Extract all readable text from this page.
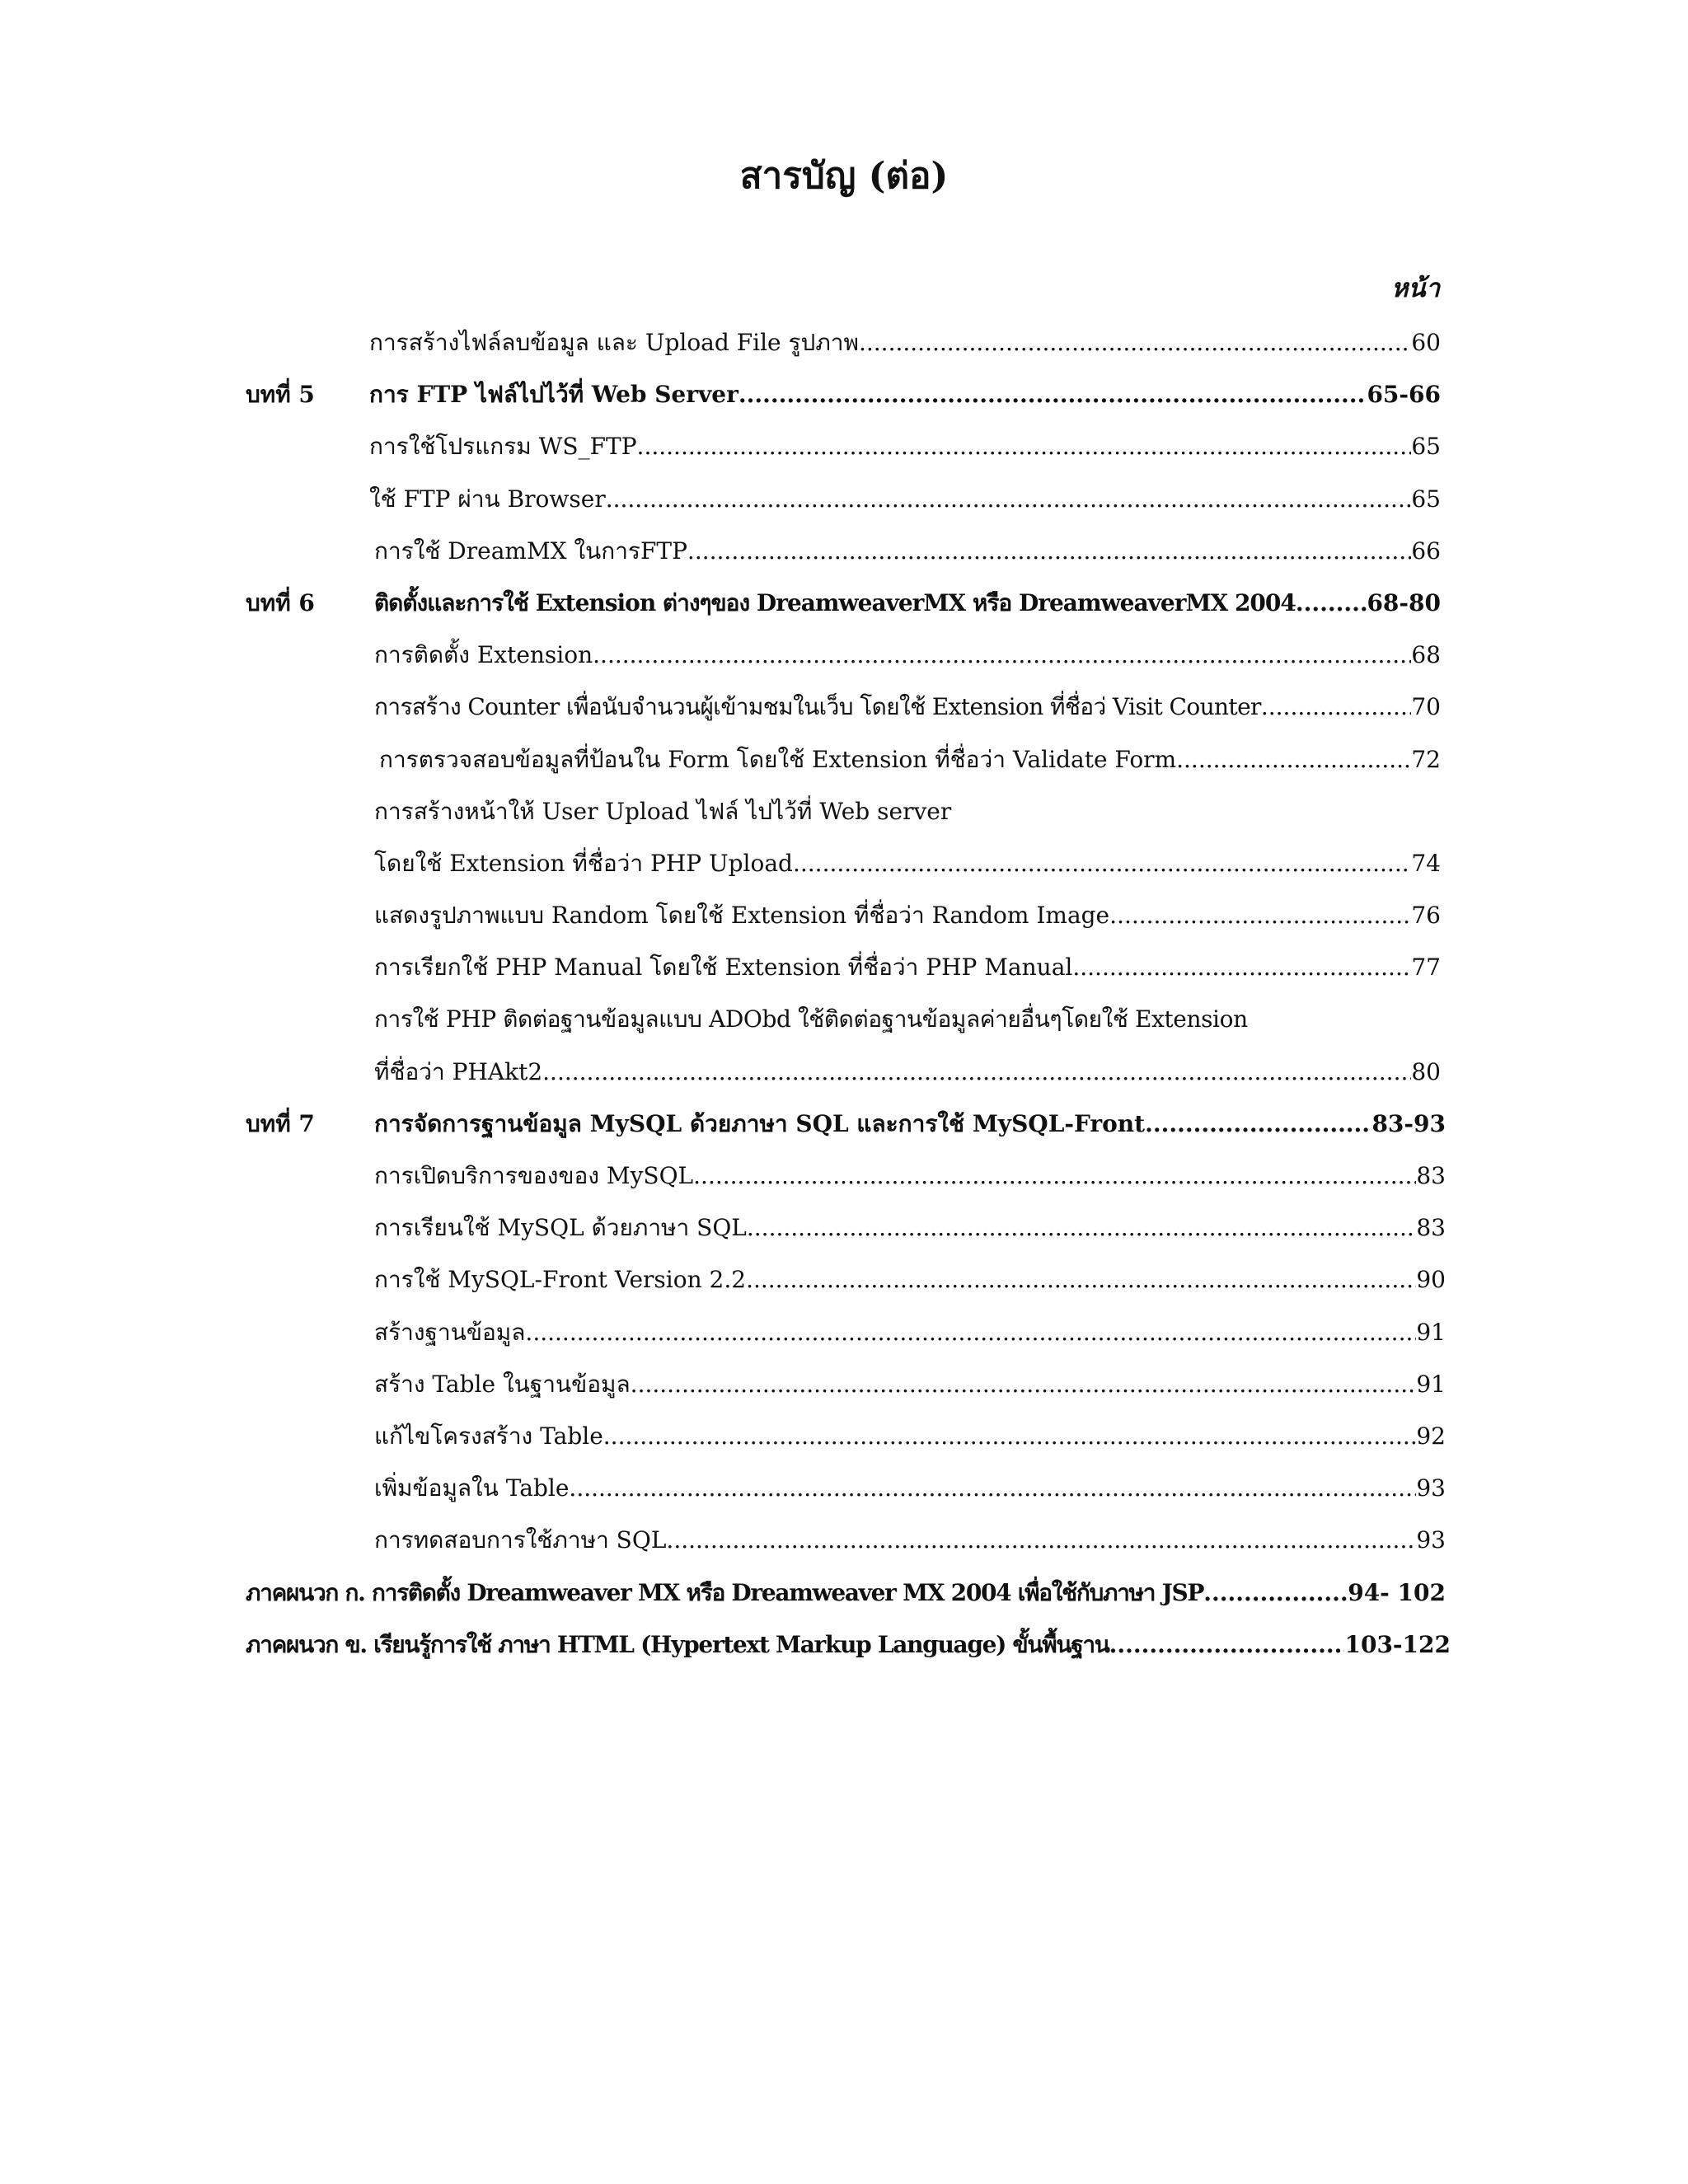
สารบัญ (ต่อ)
หน้า
การสร้างไฟล์ลบข้อมูล และ Upload File รูปภาพ .....	60
บทที่ 5 การ FTP ไฟล์ไปไว้ที่ Web Server .....	65-66
การใช้โปรแกรม WS_FTP .....	65
ใช้ FTP ผ่าน Browser .....	65
การใช้ DreamMX ในการFTP .....	66
บทที่ 6	ติดตั้งและการใช้ Extension ต่างๆของ DreamweaverMX หรือ DreamweaverMX 2004 .....	68-80
การติดตั้ง Extension .....	68
การสร้าง Counter เพื่อนับจำนวนผู้เข้ามชมในเว็บ โดยใช้ Extension ที่ชื่อว่ Visit Counter .....	70
การตรวจสอบข้อมูลที่ป้อนใน Form โดยใช้ Extension ที่ชื่อว่า Validate Form .....	72
การสร้างหน้าให้ User Upload ไฟล์ ไปไว้ที่ Web server
โดยใช้ Extension ที่ชื่อว่า PHP Upload .....	74
แสดงรูปภาพแบบ Random โดยใช้ Extension ที่ชื่อว่า Random Image .....	76
การเรียกใช้ PHP Manual โดยใช้ Extension ที่ชื่อว่า PHP Manual .....	77
การใช้ PHP ติดต่อฐานข้อมูลแบบ ADObd ใช้ติดต่อฐานข้อมูลค่ายอื่นๆโดยใช้ Extension
ที่ชื่อว่า PHAkt2 .....	80
บทที่ 7	การจัดการฐานข้อมูล MySQL ด้วยภาษา SQL และการใช้ MySQL-Front .....	83-93
การเปิดบริการของของ MySQL .....	83
การเรียนใช้ MySQL ด้วยภาษา SQL .....	83
การใช้ MySQL-Front Version 2.2 .....	90
สร้างฐานข้อมูล .....	91
สร้าง Table ในฐานข้อมูล .....	91
แก้ไขโครงสร้าง Table .....	92
เพิ่มข้อมูลใน Table .....	93
การทดสอบการใช้ภาษา SQL .....	93
ภาคผนวก ก. การติดตั้ง Dreamweaver MX หรือ Dreamweaver MX 2004 เพื่อใช้กับภาษา JSP .....	94- 102
ภาคผนวก ข. เรียนรู้การใช้ ภาษา HTML (Hypertext Markup Language) ขั้นพื้นฐาน .....	103-122
